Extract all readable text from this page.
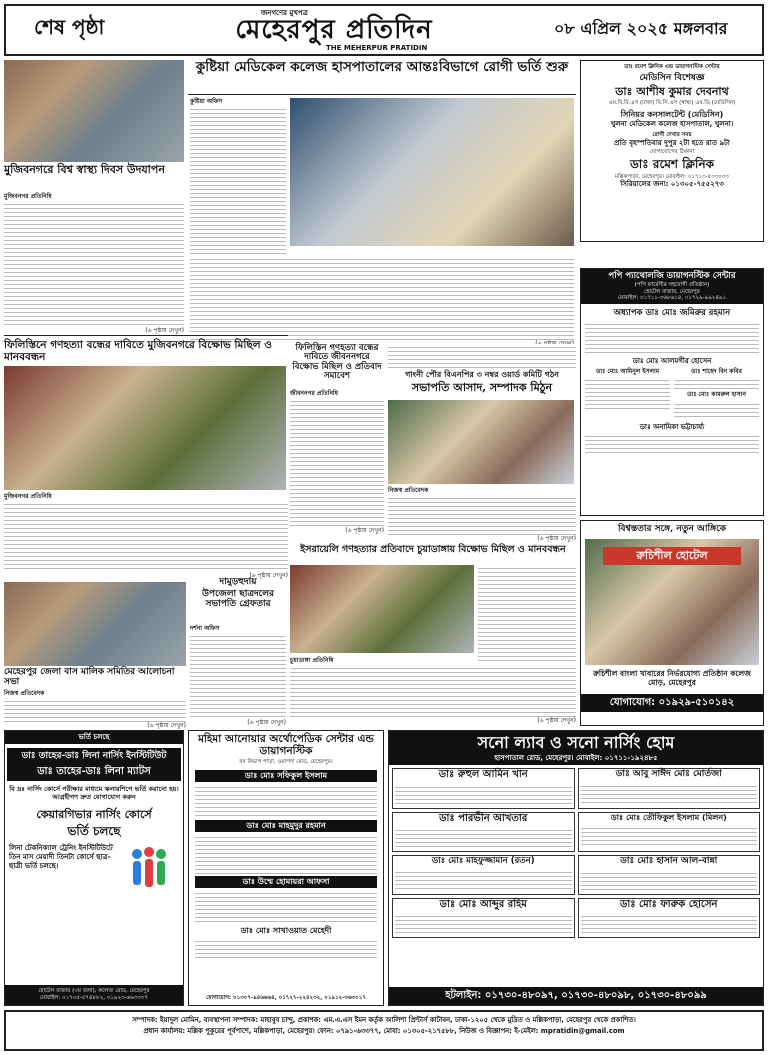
শেষ পৃষ্ঠা
জনগণের মুখপত্র
মেহেরপুর প্রতিদিন
THE MEHERPUR PRATIDIN
০৮ এপ্রিল ২০২৫ মঙ্গলবার
মুজিবনগরে বিশ্ব স্বাস্থ্য দিবস উদযাপন
মুজিবনগর প্রতিনিধি
(৬ পৃষ্ঠায় দেখুন)
কুষ্টিয়া মেডিকেল কলেজ হাসপাতালের আন্তঃবিভাগে রোগী ভর্তি শুরু
কুষ্টিয়া অফিস
ফিলিস্তিনে গণহত্যা বন্ধের দাবিতে মুজিবনগরে বিক্ষোভ মিছিল ও মানববন্ধন
মুজিবনগর প্রতিনিধি
(৬ পৃষ্ঠায় দেখুন)
ফিলিস্তিন গণহত্যা বন্ধের দাবিতে জীবননগরে বিক্ষোভ মিছিল ও প্রতিবাদ সমাবেশ
জীবননগর প্রতিনিধি
(৬ পৃষ্ঠায় দেখুন)
গাংনী পৌর বিএনপির ৩ নম্বর ওয়ার্ড কমিটি গঠন
সভাপতি আসাদ, সম্পাদক মিঠুন
নিজস্ব প্রতিবেদক
(৬ পৃষ্ঠায় দেখুন)
ইসরায়েলি গণহত্যার প্রতিবাদে চুয়াডাঙ্গায় বিক্ষোভ মিছিল ও মানববন্ধন
চুয়াডাঙ্গা প্রতিনিধি
(৬ পৃষ্ঠায় দেখুন)
মেহেরপুর জেলা বাস মালিক সমিতির আলোচনা সভা
নিজস্ব প্রতিবেদক
(৬ পৃষ্ঠায় দেখুন)
দামুড়হুদায়
উপজেলা ছাত্রদলের সভাপতি গ্রেফতার
দর্শনা অফিস
(৬ পৃষ্ঠায় দেখুন)
ডাঃ রমেশ ক্লিনিক এন্ড ডায়াগনস্টিক সেন্টার
মেডিসিন বিশেষজ্ঞ
ডাঃ আশীষ কুমার দেবনাথ
এম.বি.বি.এস (ঢাকা) বি.সি.এস (স্বাস্থ্য) এম.ডি (মেডিসিন)
সিনিয়র কনসালটেন্ট (মেডিসিন)
খুলনা মেডিকেল কলেজ হাসপাতাল, খুলনা।
রোগী দেখার সময়
প্রতি বৃহস্পতিবার দুপুর ২টা হতে রাত ৯টা
যোগাযোগের ঠিকানা
ডাঃ রমেশ ক্লিনিক
মল্লিকপাড়া, মেহেরপুর। মোবাইল: ০১৭১৩-৫৩৩০৩৩
সিরিয়ালের জন্য: ০১৩০৫-৭৫৫২৭৩
পপি প্যাথোলজি ডায়াগনস্টিক সেন্টার
(পপি ফার্মেসীর সহযোগী প্রতিষ্ঠান)
হোটেল বাজার, মেহেরপুর
মোবাইল: ০১৭১১-৩৬৮৬১৪, ০১৭২৯-৯৯২৪৯১
অধ্যাপক ডাঃ মোঃ জমিরুর রহমান
ডাঃ মোঃ আলমগীর হোসেন
ডাঃ মোঃ আমিনুল ইসলাম	ডাঃ শাহেদ বিন কবির
ডাঃ মোঃ কামরুল হাসান
ডাঃ অনামিকা ভট্টাচার্য্য
বিশ্বস্ততার সঙ্গে, নতুন আঙ্গিকে
রুচিশীল হোটেল
রুচিশীল বাংলা খাবারের নির্ভরযোগ্য প্রতিষ্ঠান কলেজ মোড়, মেহেরপুর
যোগাযোগ: ০১৯২৯-৫১০১৪২
ভর্তি চলছে
ডাঃ তাহের-ডাঃ লিনা নার্সিং ইনস্টিটিউট
ডাঃ তাহের-ডাঃ লিনা ম্যাটস
বি দ্রঃ নার্সিং কোর্সে পরীক্ষার মাধ্যমে স্কলারশিপে ভর্তি করানো হয়। আগ্রহীগণ দ্রুত যোগাযোগ করুন
কেয়ারগিভার নার্সিং কোর্সে
ভর্তি চলছে
লিনা টেকনিক্যাল ট্রেনিং ইনস্টিটিউটে তিন মাস মেয়াদী তিনটা কোর্সে ছাত্র-ছাত্রী ভর্তি চলছে।
হোটেল বাজার (৩য় তলা), কলেজ রোড, মেহেরপুর
মোবাইল: ০১৭০৫-৫৭৪৮৮২, ০১৯২৩-৬৬৩৩৩৭
মহিমা আনোয়ার অর্থোপেডিক সেন্টার এন্ড ডায়াগনস্টিক
বন বিভাগ পাড়া, ওয়াপদা মোড়, মেহেরপুর।
ডাঃ মোঃ সফিকুল ইসলাম
ডাঃ মোঃ মাহমুদুর রহমান
ডাঃ উম্মে হোমায়রা আফসা
ডাঃ মোঃ সাখাওয়াত মেহেদী
যোগাযোগ: ০১৩০৭-৯৪৬৬৬৪, ০১৭২৭-২২৪২৩২, ০১৯১২-৩৬৩০১৭
সনো ল্যাব ও সনো নার্সিং হোম
হাসপাতাল রোড, মেহেরপুর। মোবাইল: ০১৭১১-১৯২৪৮৫
ডাঃ রুহুল আমিন খান	ডাঃ আবু সাঈদ মোঃ মোর্তজা
ডাঃ পারভীন আখতার	ডাঃ মোঃ তৌফিকুল ইসলাম (মিলন)
ডাঃ মোঃ মাহফুজ্জামান (রতন)	ডাঃ মোঃ হাসান আল-বান্না
ডাঃ মোঃ আব্দুর রহিম	ডাঃ মোঃ ফারুক হোসেন
হটলাইন: ০১৭৩০-৪৮০৯৭, ০১৭৩০-৪৮০৯৮, ০১৭৩০-৪৮০৯৯
সম্পাদক: ইয়াদুল মোমিন, ব্যবস্থাপনা সম্পাদক: মাহাবুব চান্দু, প্রকাশক: এম.এ.এস ইমন কর্তৃক আলিশা প্রিন্টার্স কাটাবন, ঢাকা-১২০৫ থেকে মুদ্রিত ও মল্লিকপাড়া, মেহেরপুর থেকে প্রকাশিত।
প্রধান কার্যালয়: মল্লিক পুকুরের পূর্বপাশে, মল্লিকপাড়া, মেহেরপুর। ফোন: ০৭৯১-৬৩৩৭৭, মোবা: ০১৩০৫-২১৭৫৮৮, নিউজ ও বিজ্ঞাপন: ই-মেইল: mpratidin@gmail.com
